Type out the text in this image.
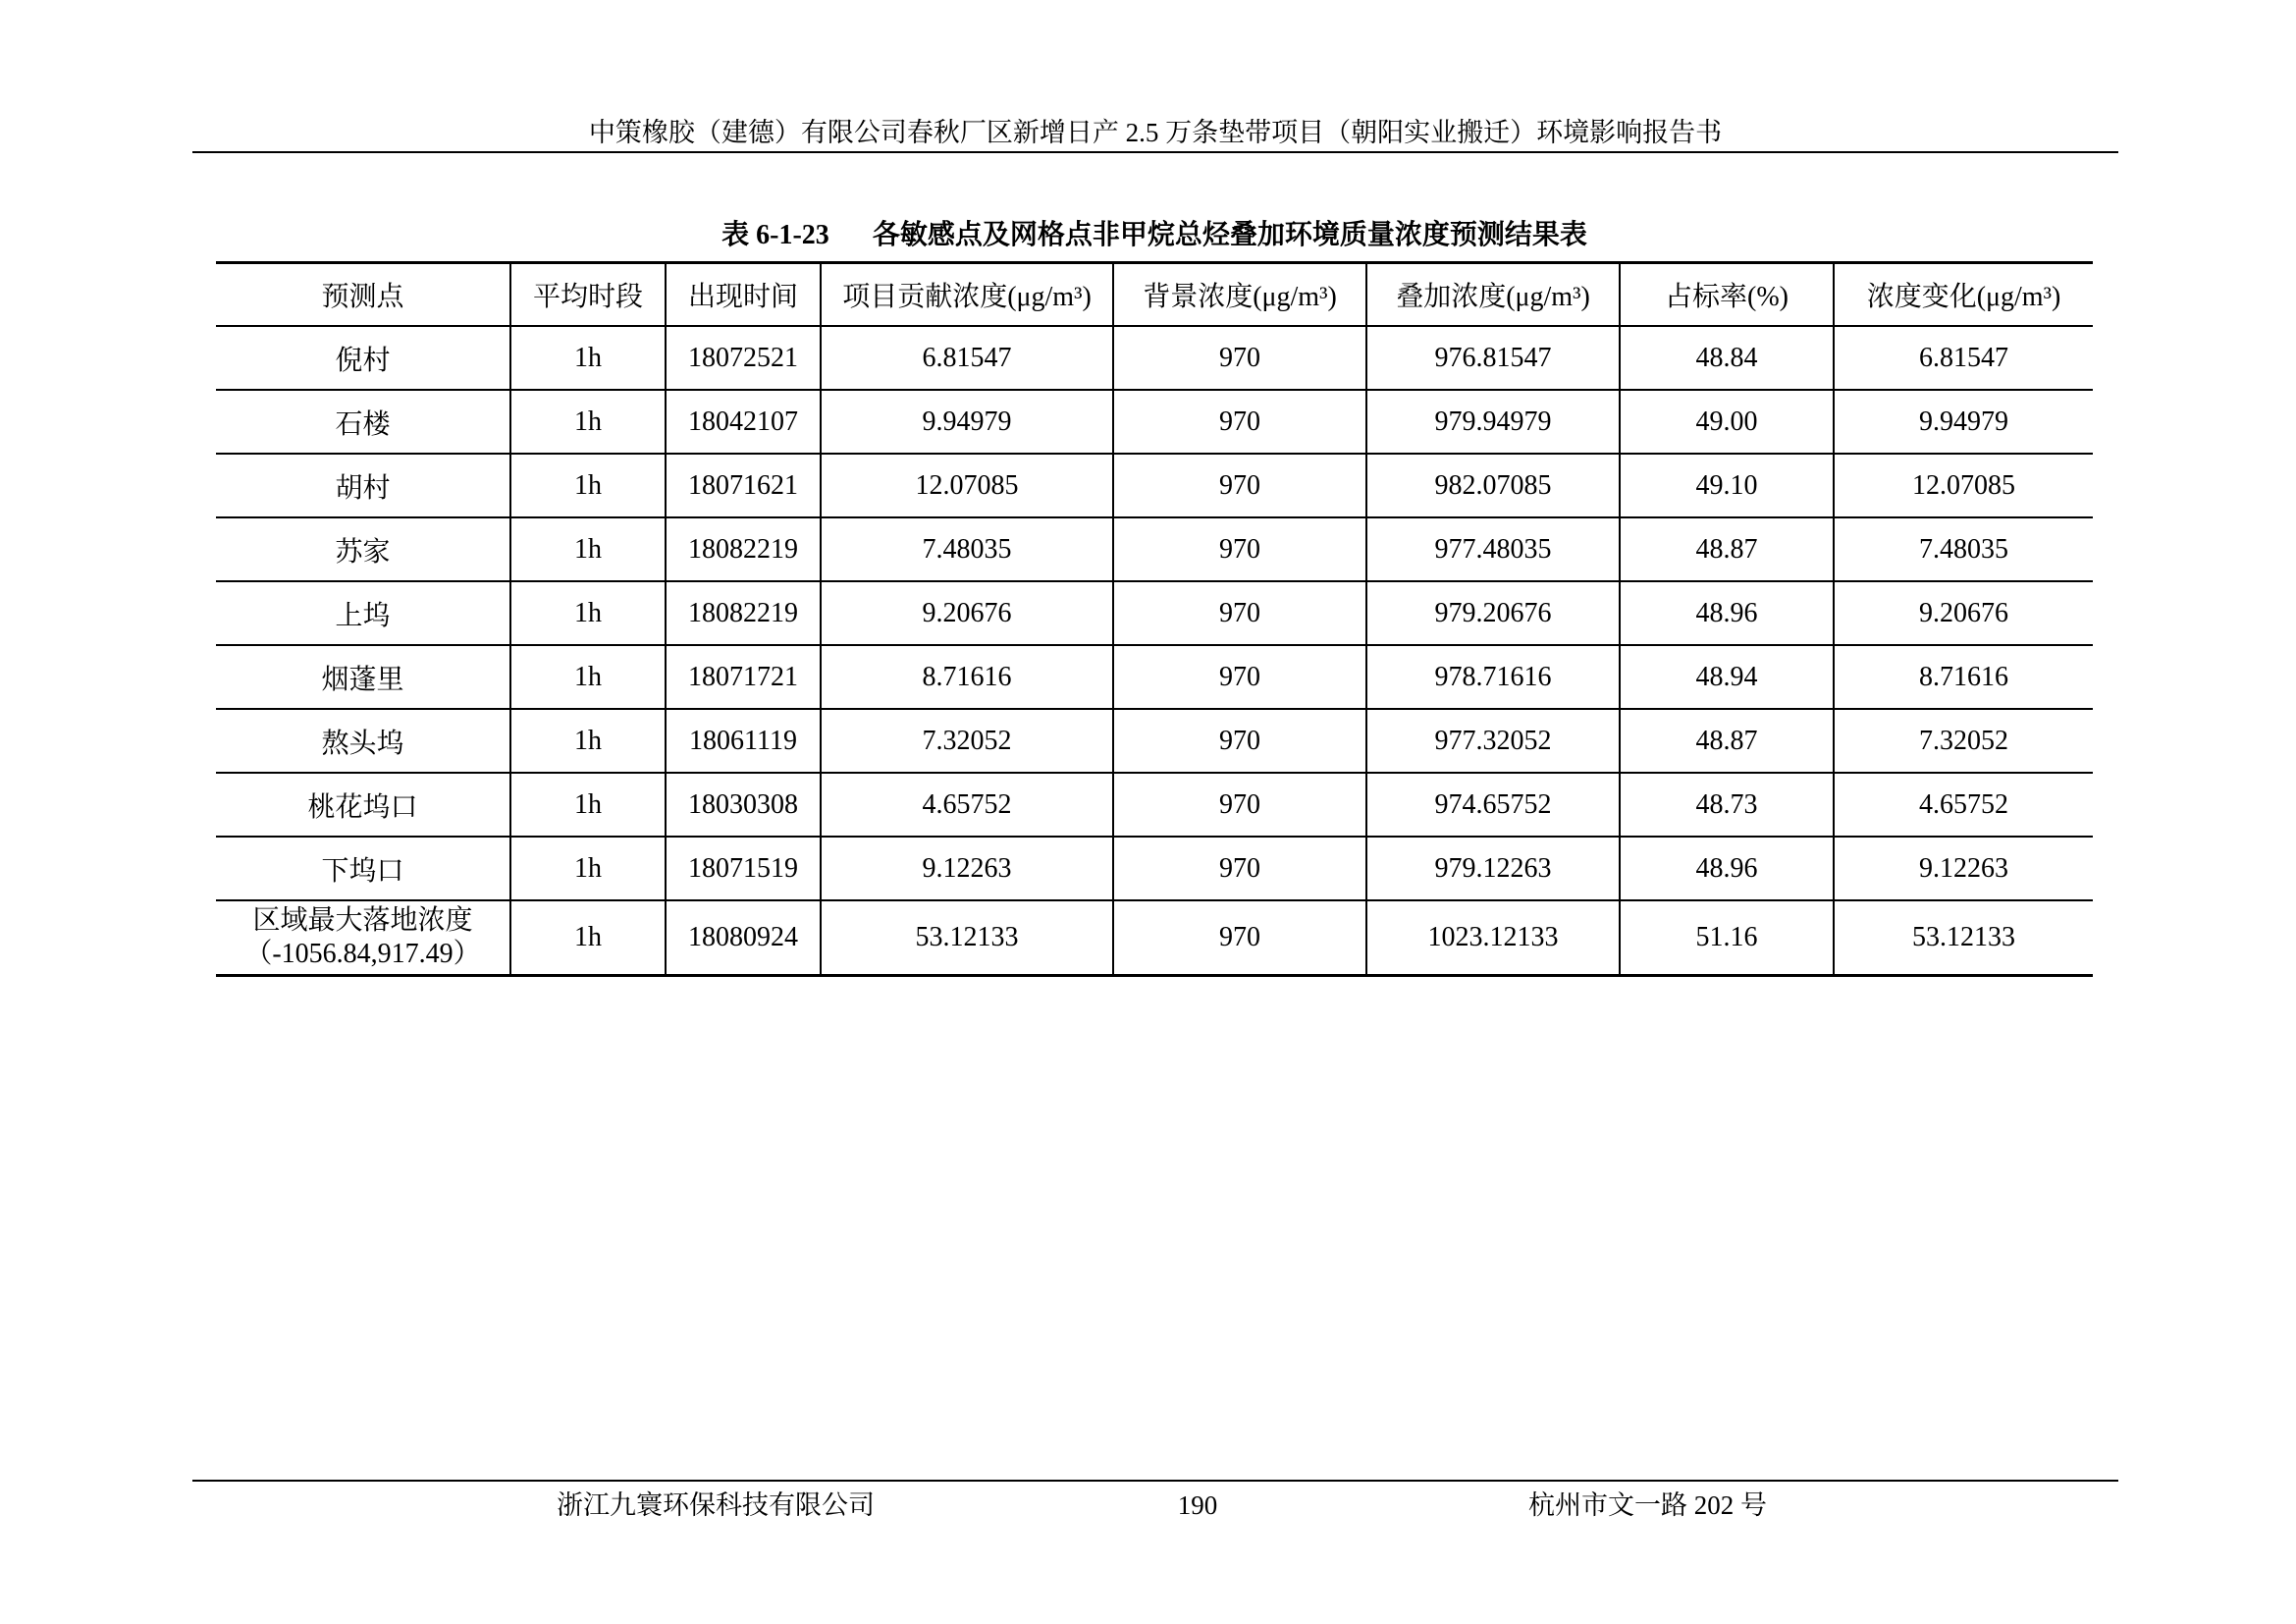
中策橡胶（建德）有限公司春秋厂区新增日产 2.5 万条垫带项目（朝阳实业搬迁）环境影响报告书
表 6-1-23 各敏感点及网格点非甲烷总烃叠加环境质量浓度预测结果表
预测点	平均时段	出现时间	项目贡献浓度(μg/m³)	背景浓度(μg/m³)	叠加浓度(μg/m³)	占标率(%)	浓度变化(μg/m³)
倪村	1h	18072521	6.81547	970	976.81547	48.84	6.81547
石楼	1h	18042107	9.94979	970	979.94979	49.00	9.94979
胡村	1h	18071621	12.07085	970	982.07085	49.10	12.07085
苏家	1h	18082219	7.48035	970	977.48035	48.87	7.48035
上坞	1h	18082219	9.20676	970	979.20676	48.96	9.20676
烟蓬里	1h	18071721	8.71616	970	978.71616	48.94	8.71616
熬头坞	1h	18061119	7.32052	970	977.32052	48.87	7.32052
桃花坞口	1h	18030308	4.65752	970	974.65752	48.73	4.65752
下坞口	1h	18071519	9.12263	970	979.12263	48.96	9.12263

区域最大落地浓度
（-1056.84,917.49）	1h	18080924	53.12133	970	1023.12133	51.16	53.12133
浙江九寰环保科技有限公司	190	杭州市文一路 202 号
